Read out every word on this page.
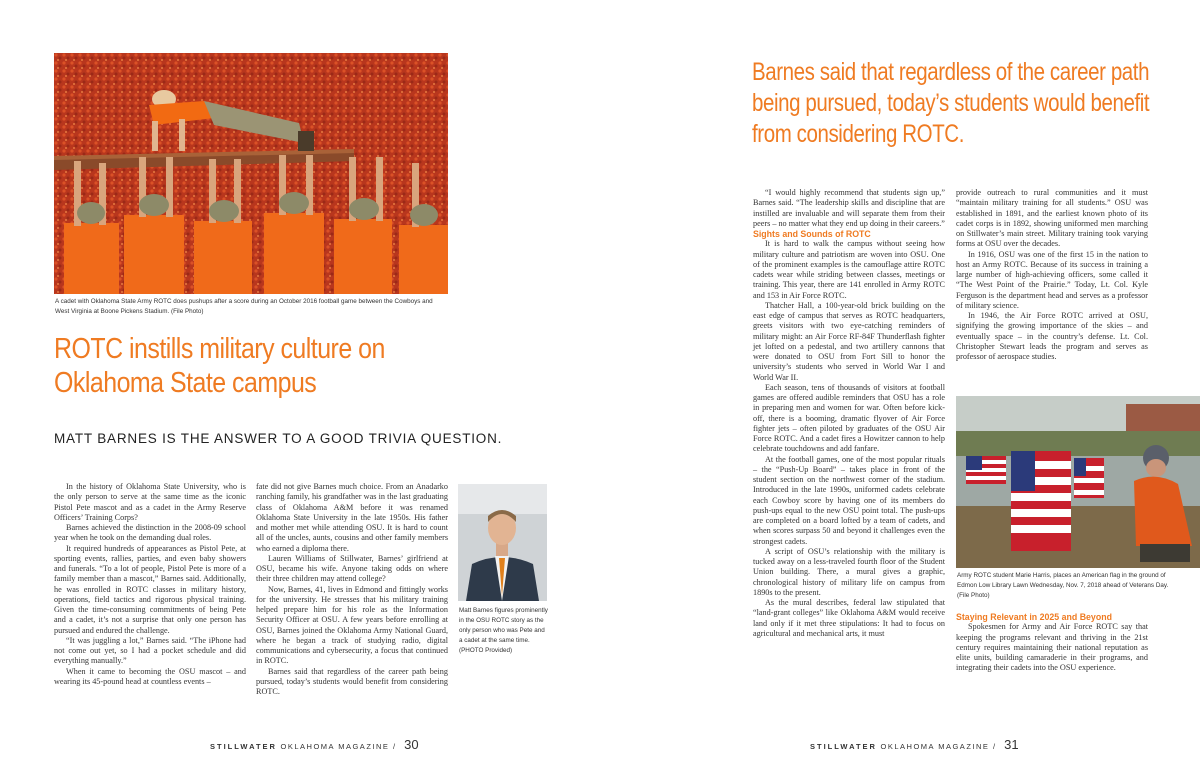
A cadet with Oklahoma State Army ROTC does pushups after a score during an October 2016 football game between the Cowboys and West Virginia at Boone Pickens Stadium. (File Photo)
ROTC instills military culture on
Oklahoma State campus
MATT BARNES IS THE ANSWER TO A GOOD TRIVIA QUESTION.

In the history of Oklahoma State University, who is the only person to serve at the same time as the iconic Pistol Pete mascot and as a cadet in the Army Reserve Officers’ Training Corps?

Barnes achieved the distinction in the 2008-09 school year when he took on the demanding dual roles.

It required hundreds of appearances as Pistol Pete, at sporting events, rallies, parties, and even baby showers and funerals. “To a lot of people, Pistol Pete is more of a family member than a mascot,” Barnes said. Additionally, he was enrolled in ROTC classes in military history, operations, field tactics and rigorous physical training. Given the time-consuming commitments of being Pete and a cadet, it’s not a surprise that only one person has pursued and endured the challenge.

“It was juggling a lot,” Barnes said. “The iPhone had not come out yet, so I had a pocket schedule and did everything manually.”

When it came to becoming the OSU mascot – and wearing its 45-pound head at countless events –

fate did not give Barnes much choice. From an Anadarko ranching family, his grandfather was in the last graduating class of Oklahoma A&M before it was renamed Oklahoma State University in the late 1950s. His father and mother met while attending OSU. It is hard to count all of the uncles, aunts, cousins and other family members who earned a diploma there.

Lauren Williams of Stillwater, Barnes’ girlfriend at OSU, became his wife. Anyone taking odds on where their three children may attend college?

Now, Barnes, 41, lives in Edmond and fittingly works for the university. He stresses that his military training helped prepare him for his role as the Information Security Officer at OSU. A few years before enrolling at OSU, Barnes joined the Oklahoma Army National Guard, where he began a track of studying radio, digital communications and cybersecurity, a focus that continued in ROTC.

Barnes said that regardless of the career path being pursued, today’s students would benefit from considering ROTC.

Matt Barnes figures prominently in the OSU ROTC story as the only person who was Pete and a cadet at the same time. (PHOTO Provided)
STILLWATER OKLAHOMA MAGAZINE / 30
Barnes said that regardless of the career path
being pursued, today’s students would benefit
from considering ROTC.

“I would highly recommend that students sign up,” Barnes said. “The leadership skills and discipline that are instilled are invaluable and will separate them from their peers – no matter what they end up doing in their careers.”

Sights and Sounds of ROTC

It is hard to walk the campus without seeing how military culture and patriotism are woven into OSU. One of the prominent examples is the camouflage attire ROTC cadets wear while striding between classes, meetings or training. This year, there are 141 enrolled in Army ROTC and 153 in Air Force ROTC.

Thatcher Hall, a 100-year-old brick building on the east edge of campus that serves as ROTC headquarters, greets visitors with two eye-catching reminders of military might: an Air Force RF-84F Thunderflash fighter jet lofted on a pedestal, and two artillery cannons that were donated to OSU from Fort Sill to honor the university’s students who served in World War I and World War II.

Each season, tens of thousands of visitors at football games are offered audible reminders that OSU has a role in preparing men and women for war. Often before kick-off, there is a booming, dramatic flyover of Air Force fighter jets – often piloted by graduates of the OSU Air Force ROTC. And a cadet fires a Howitzer cannon to help celebrate touchdowns and add fanfare.

At the football games, one of the most popular rituals – the “Push-Up Board” – takes place in front of the student section on the northwest corner of the stadium. Introduced in the late 1990s, uniformed cadets celebrate each Cowboy score by having one of its members do push-ups equal to the new OSU point total. The push-ups are completed on a board lofted by a team of cadets, and when scores surpass 50 and beyond it challenges even the strongest cadets.

A script of OSU’s relationship with the military is tucked away on a less-traveled fourth floor of the Student Union building. There, a mural gives a graphic, chronological history of military life on campus from 1890s to the present.

As the mural describes, federal law stipulated that “land-grant colleges” like Oklahoma A&M would receive land only if it met three stipulations: It had to focus on agricultural and mechanical arts, it must

provide outreach to rural communities and it must “maintain military training for all students.” OSU was established in 1891, and the earliest known photo of its cadet corps is in 1892, showing uniformed men marching on Stillwater’s main street. Military training took varying forms at OSU over the decades.

In 1916, OSU was one of the first 15 in the nation to host an Army ROTC. Because of its success in training a large number of high-achieving officers, some called it “The West Point of the Prairie.” Today, Lt. Col. Kyle Ferguson is the department head and serves as a professor of military science.

In 1946, the Air Force ROTC arrived at OSU, signifying the growing importance of the skies – and eventually space – in the country’s defense. Lt. Col. Christopher Stewart leads the program and serves as professor of aerospace studies.

Army ROTC student Marie Harris, places an American flag in the ground of Edmon Low Library Lawn Wednesday, Nov. 7, 2018 ahead of Veterans Day. (File Photo)

Staying Relevant in 2025 and Beyond

Spokesmen for Army and Air Force ROTC say that keeping the programs relevant and thriving in the 21st century requires maintaining their national reputation as elite units, building camaraderie in their programs, and integrating their cadets into the OSU experience.

STILLWATER OKLAHOMA MAGAZINE / 31
